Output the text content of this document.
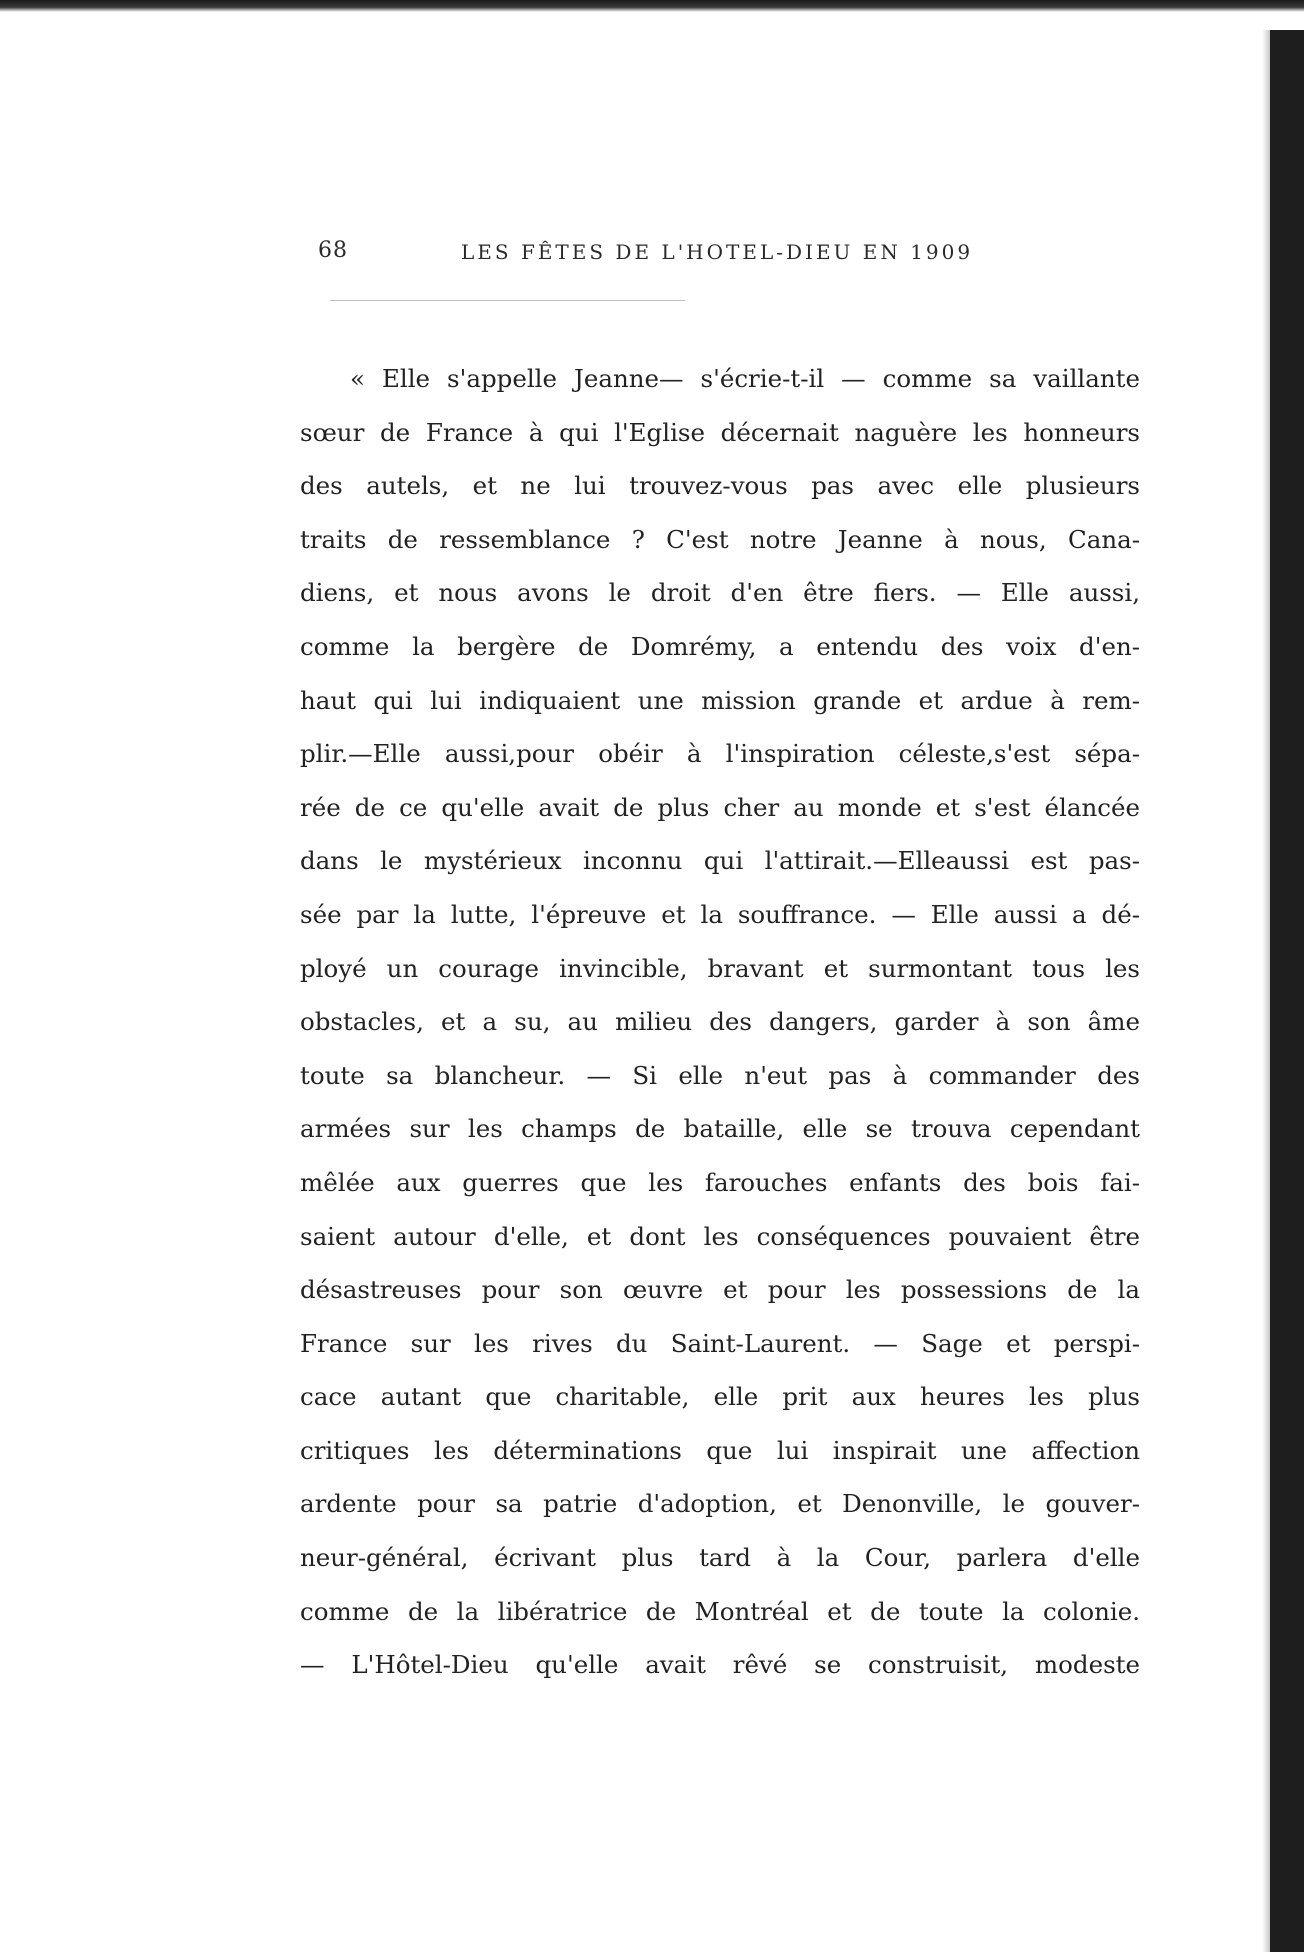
68	LES FÊTES DE L'HOTEL-DIEU EN 1909
« Elle s'appelle Jeanne— s'écrie-t-il — comme sa vaillante
sœur de France à qui l'Eglise décernait naguère les honneurs
des autels, et ne lui trouvez-vous pas avec elle plusieurs
traits de ressemblance ? C'est notre Jeanne à nous, Cana-
diens, et nous avons le droit d'en être fiers. — Elle aussi,
comme la bergère de Domrémy, a entendu des voix d'en-
haut qui lui indiquaient une mission grande et ardue à rem-
plir.—Elle aussi,pour obéir à l'inspiration céleste,s'est sépa-
rée de ce qu'elle avait de plus cher au monde et s'est élancée
dans le mystérieux inconnu qui l'attirait.—Elleaussi est pas-
sée par la lutte, l'épreuve et la souffrance. — Elle aussi a dé-
ployé un courage invincible, bravant et surmontant tous les
obstacles, et a su, au milieu des dangers, garder à son âme
toute sa blancheur. — Si elle n'eut pas à commander des
armées sur les champs de bataille, elle se trouva cependant
mêlée aux guerres que les farouches enfants des bois fai-
saient autour d'elle, et dont les conséquences pouvaient être
désastreuses pour son œuvre et pour les possessions de la
France sur les rives du Saint-Laurent. — Sage et perspi-
cace autant que charitable, elle prit aux heures les plus
critiques les déterminations que lui inspirait une affection
ardente pour sa patrie d'adoption, et Denonville, le gouver-
neur-général, écrivant plus tard à la Cour, parlera d'elle
comme de la libératrice de Montréal et de toute la colonie.
— L'Hôtel-Dieu qu'elle avait rêvé se construisit, modeste
